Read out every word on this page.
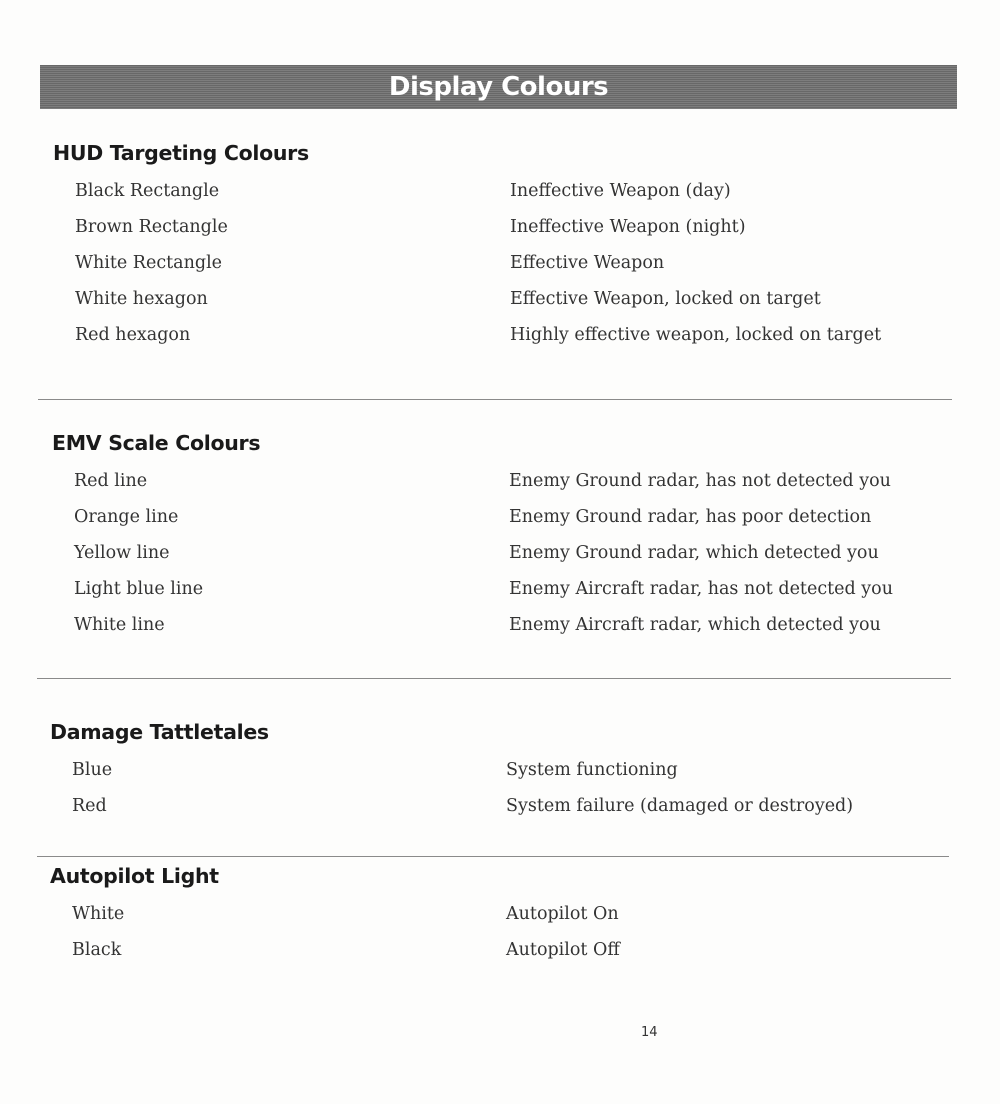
Display Colours
HUD Targeting Colours
Black Rectangle	Ineffective Weapon (day)
Brown Rectangle	Ineffective Weapon (night)
White Rectangle	Effective Weapon
White hexagon	Effective Weapon, locked on target
Red hexagon	Highly effective weapon, locked on target
EMV Scale Colours
Red line	Enemy Ground radar, has not detected you
Orange line	Enemy Ground radar, has poor detection
Yellow line	Enemy Ground radar, which detected you
Light blue line	Enemy Aircraft radar, has not detected you
White line	Enemy Aircraft radar, which detected you
Damage Tattletales
Blue	System functioning
Red	System failure (damaged or destroyed)
Autopilot Light
White	Autopilot On
Black	Autopilot Off
14
